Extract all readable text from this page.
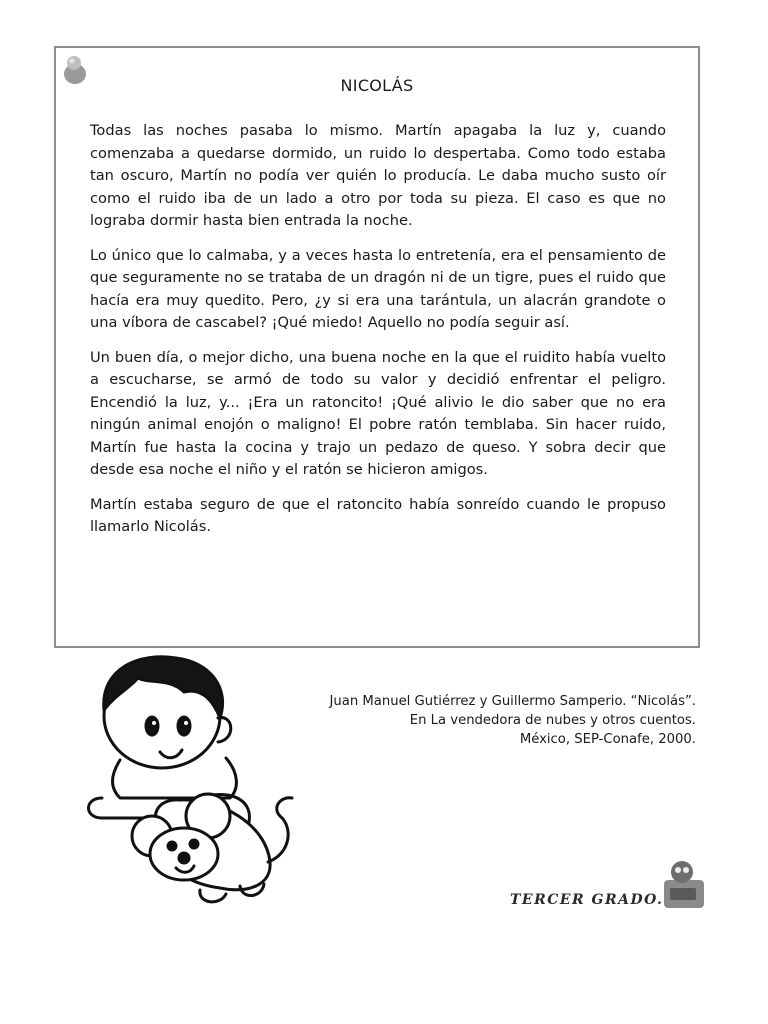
NICOLÁS

Todas las noches pasaba lo mismo. Martín apagaba la luz y, cuando comenzaba a quedarse dormido, un ruido lo despertaba. Como todo estaba tan oscuro, Martín no podía ver quién lo producía. Le daba mucho susto oír como el ruido iba de un lado a otro por toda su pieza. El caso es que no lograba dormir hasta bien entrada la noche.

Lo único que lo calmaba, y a veces hasta lo entretenía, era el pensamiento de que seguramente no se trataba de un dragón ni de un tigre, pues el ruido que hacía era muy quedito. Pero, ¿y si era una tarántula, un alacrán grandote o una víbora de cascabel? ¡Qué miedo! Aquello no podía seguir así.

Un buen día, o mejor dicho, una buena noche en la que el ruidito había vuelto a escucharse, se armó de todo su valor y decidió enfrentar el peligro. Encendió la luz, y... ¡Era un ratoncito! ¡Qué alivio le dio saber que no era ningún animal enojón o maligno! El pobre ratón temblaba. Sin hacer ruido, Martín fue hasta la cocina y trajo un pedazo de queso. Y sobra decir que desde esa noche el niño y el ratón se hicieron amigos.

Martín estaba seguro de que el ratoncito había sonreído cuando le propuso llamarlo Nicolás.

Juan Manuel Gutiérrez y Guillermo Samperio. “Nicolás”.
En La vendedora de nubes y otros cuentos.
México, SEP-Conafe, 2000.
TERCER GRADO.
